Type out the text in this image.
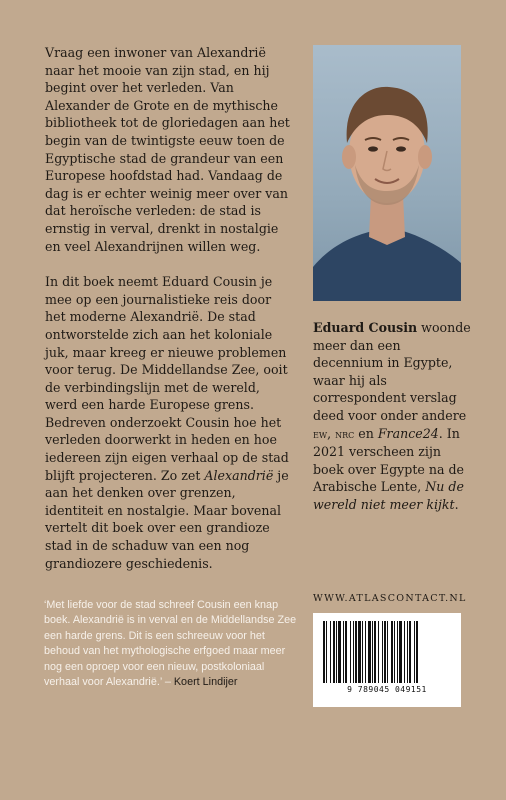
Vraag een inwoner van Alexandrië naar het mooie van zijn stad, en hij begint over het verleden. Van Alexander de Grote en de mythische bibliotheek tot de gloriedagen aan het begin van de twintigste eeuw toen de Egyptische stad de grandeur van een Europese hoofdstad had. Vandaag de dag is er echter weinig meer over van dat heroïsche verleden: de stad is ernstig in verval, drenkt in nostalgie en veel Alexandrijnen willen weg.

In dit boek neemt Eduard Cousin je mee op een journalistieke reis door het moderne Alexandrië. De stad ontworstelde zich aan het koloniale juk, maar kreeg er nieuwe problemen voor terug. De Middellandse Zee, ooit de verbindingslijn met de wereld, werd een harde Europese grens. Bedreven onderzoekt Cousin hoe het verleden doorwerkt in heden en hoe iedereen zijn eigen verhaal op de stad blijft projecteren. Zo zet Alexandrië je aan het denken over grenzen, identiteit en nostalgie. Maar bovenal vertelt dit boek over een grandioze stad in de schaduw van een nog grandiozere geschiedenis.

Eduard Cousin woonde meer dan een decennium in Egypte, waar hij als correspondent verslag deed voor onder andere ew, nrc en France24. In 2021 verscheen zijn boek over Egypte na de Arabische Lente, Nu de wereld niet meer kijkt.

‘Met liefde voor de stad schreef Cousin een knap boek. Alexandrië is in verval en de Middellandse Zee een harde grens. Dit is een schreeuw voor het behoud van het mythologische erfgoed maar meer nog een oproep voor een nieuw, postkoloniaal verhaal voor Alexandrië.’ – Koert Lindijer
WWW.ATLASCONTACT.NL
9 789045 049151
